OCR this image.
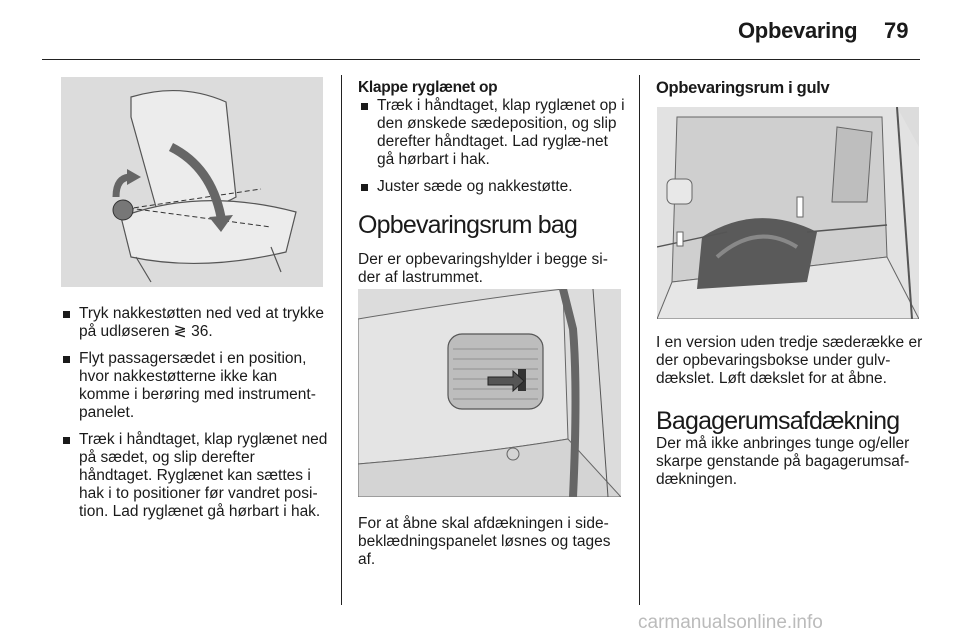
Opbevaring 79
Tryk nakkestøtten ned ved at trykke på udløseren ≷ 36.
Flyt passagersædet i en position, hvor nakkestøtterne ikke kan komme i berøring med instrument-panelet.
Træk i håndtaget, klap ryglænet ned på sædet, og slip derefter håndtaget. Ryglænet kan sættes i hak i to positioner før vandret posi-tion. Lad ryglænet gå hørbart i hak.
Klappe ryglænet op
Træk i håndtaget, klap ryglænet op i den ønskede sædeposition, og slip derefter håndtaget. Lad ryglæ-net gå hørbart i hak.
Juster sæde og nakkestøtte.
Opbevaringsrum bag

Der er opbevaringshylder i begge si-der af lastrummet.

For at åbne skal afdækningen i side-beklædningspanelet løsnes og tages af.

Opbevaringsrum i gulv

I en version uden tredje sæderække er der opbevaringsbokse under gulv-dækslet. Løft dækslet for at åbne.

Bagagerumsafdækning

Der må ikke anbringes tunge og/eller skarpe genstande på bagagerumsaf-dækningen.

carmanualsonline.info
